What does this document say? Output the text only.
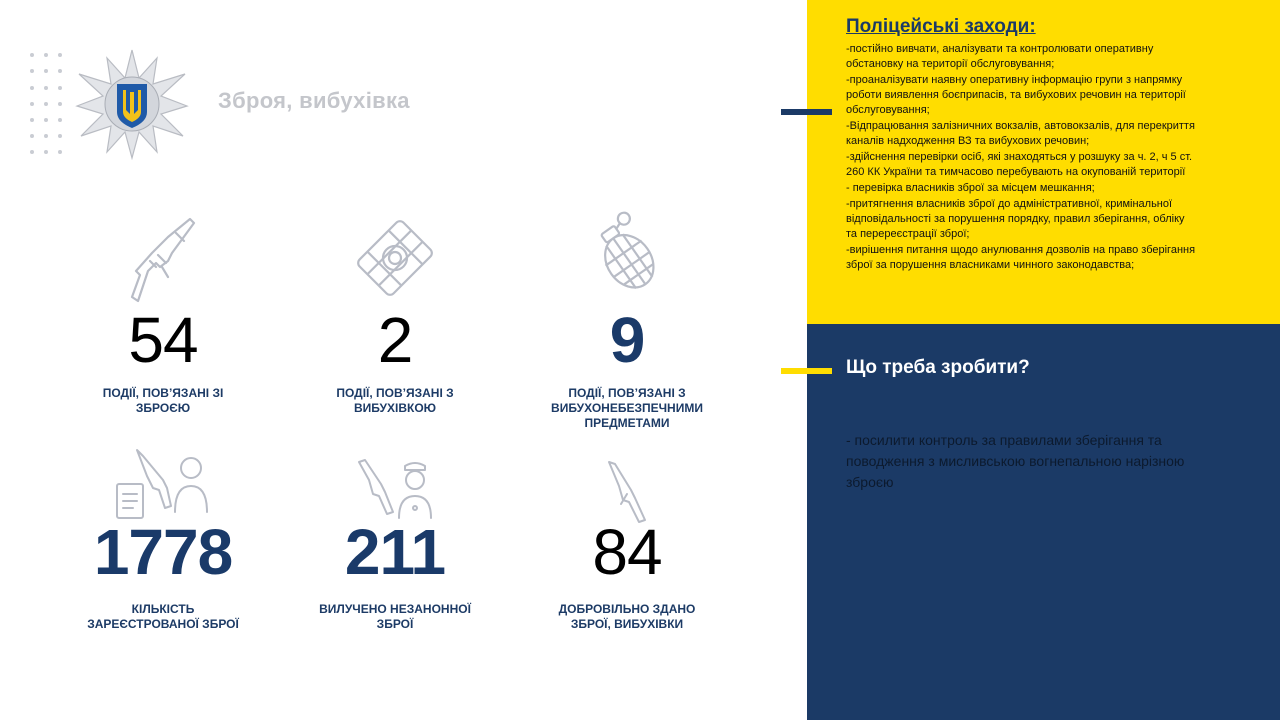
Зброя, вибухівка
54
ПОДІЇ, ПОВ’ЯЗАНІ ЗІ
ЗБРОЄЮ
2
ПОДІЇ, ПОВ’ЯЗАНІ З
ВИБУХІВКОЮ
9
ПОДІЇ, ПОВ’ЯЗАНІ З
ВИБУХОНЕБЕЗПЕЧНИМИ
ПРЕДМЕТАМИ
1778
КІЛЬКІСТЬ
ЗАРЕЄСТРОВАНОЇ ЗБРОЇ
211
ВИЛУЧЕНО НЕЗАНОННОЇ
ЗБРОЇ
84
ДОБРОВІЛЬНО ЗДАНО
ЗБРОЇ, ВИБУХІВКИ
Поліцейські заходи:
-постійно вивчати, аналізувати та контролювати оперативну обстановку на території обслуговування;
-проаналізувати наявну оперативну інформацію групи з напрямку роботи виявлення боєприпасів, та вибухових речовин на території обслуговування;
-Відпрацювання залізничних вокзалів, автовокзалів, для перекриття каналів надходження ВЗ та вибухових речовин;
-здійснення перевірки осіб, які знаходяться у розшуку за ч. 2, ч 5 ст. 260 КК України та тимчасово перебувають на окупованій території
- перевірка власників зброї за місцем мешкання;
-притягнення власників зброї до адміністративної, кримінальної відповідальності за порушення порядку, правил зберігання, обліку та перереєстрації зброї;
-вирішення питання щодо анулювання дозволів на право зберігання зброї за порушення власниками чинного законодавства;
Що треба зробити?
- посилити контроль за правилами зберігання та поводження з мисливською вогнепальною нарізною зброєю
